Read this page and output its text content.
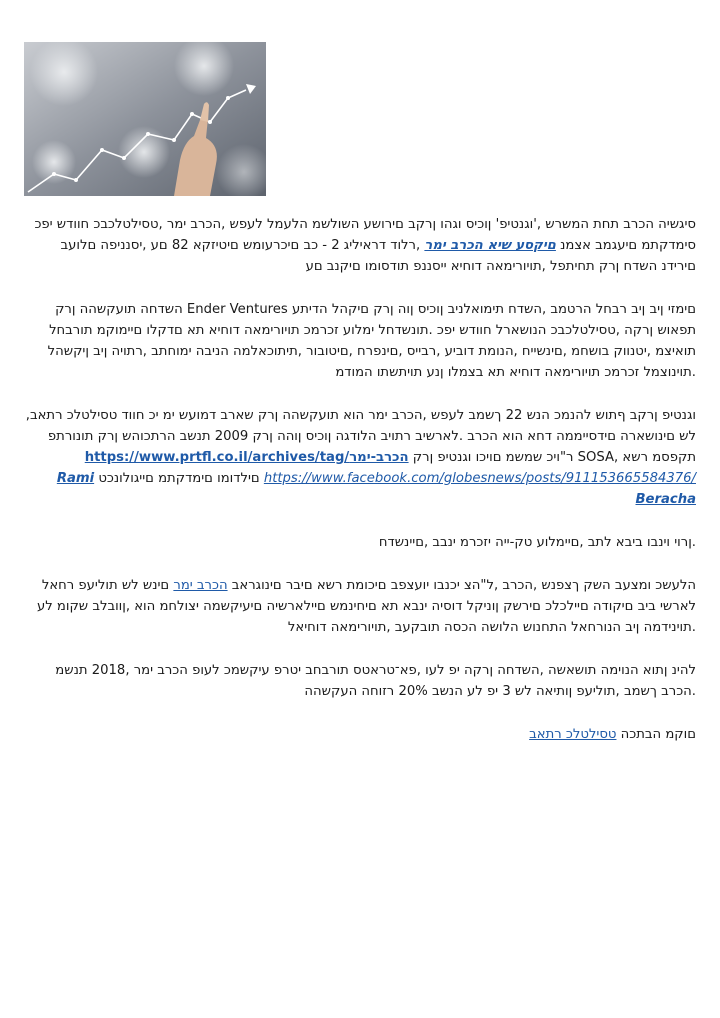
סיגשיה הכרב תחת המשרש ,'וגנטיפ' ןוכיס וגהו ןרקב םירושע השולשמ הלעמל לעפש ,הכרב ימר ,טסילטלכבכ חוודש יפכ סימדקתמ םיעגמב אצמנ םיקסע שיא הכרב ימר ,רלוד דראיליג 2 - כב םיכרעומש םיטיזקא 82 םע ,יסנניפה םלועב םירידנ השדח ןרק תחיתפל ,תויורימאה דוחיא ייסננפ תודסומו םיקנב םע

םימזי ןיב ןיב רבחל הרטמב ,השדח תימואלניב ןוכיס ןוה ןרק םיקהל הדיתע Ender Ventures השדחה תועקשהה ןרק תפאוש ןרקה ,טסילטלכבכ הנושארל חוודש יפכ .תונשדחל ימלוע זכרמכ תויורימאה דוחיא תא םדקלו םיימוקמ תורבחל תואיצמ ,יטנווק בושחמ ,םינשייח ,הנומת דוביע ,רבייס ,םינפרח ,םיטובור ,תיתוכאלמה הניבה ימוחתב ,רתויה ןיב ןיקשהל .תוינוצמל זכרמכ תויורימאה דוחיא תא בצמלו ןנע תויתשתו המודמ

וגנטיפ ןרקב ףתוש להנמכ הנש 22 ךשמב לעפש ,הכרב ימר הוא תועקשהה ןרק שארב דמועש ימ יכ חווד טסילטלכ רתאב, לש םינושארה םידסייממה דחא הוא הכרב .לארשיב רתויב הלודגה ןוכיס ןוהה ןרק 2009 תנשב הרתכוהש ןרק תונורתפ תקפסמ רשא ,SOSA ר"ויכ שמשמ םויכו וגנטיפ ןרק https://www.prtfl.co.il/archives/tag/הכרב-ימר
https://www.facebook.com/globesnews/posts/911153665584376/ םילדומו םימדקתמ םייגולונכט Rami Beracha

.ןרוי וינבו ביבא לתב ,םיימלוע טק-ייה יזכרמ ינבב ,םיינשדח

הלעשכ ומצעב השק ךצפנש ,הכרב ,ל"הצ יכנבו יועצפב םיכומת רשא םיבר םינוגראב הכרב ימר םינש לש תוליעפ רחאל לארשי ביב םיקודה םיילכלכ םירשק ןוניקל דוסיה ינבא תא םיחינמש םיילארשיה םיעיקשמה יצולחמ הוא ,ןוובלב שקומ לע .תוינידמה ןיב הנורחאל התחנוש הלושה הכסה תובקעב ,תויורימאה דוחיאל

להינ ןתוא הנוימה תושאשה ,השדחה ןרקה יפ לעו ,פא־טראטס תורבחב יטרפ עיקשמכ לעופ הכרב ימר ,2018 תנשמ .הכרב ךשמב ,תוליעפ ןותיאה לש 3 יפ לע הנשב 20% רזוחה העקשהה

םוקמ הבתכה טסילטלכ רתאב
